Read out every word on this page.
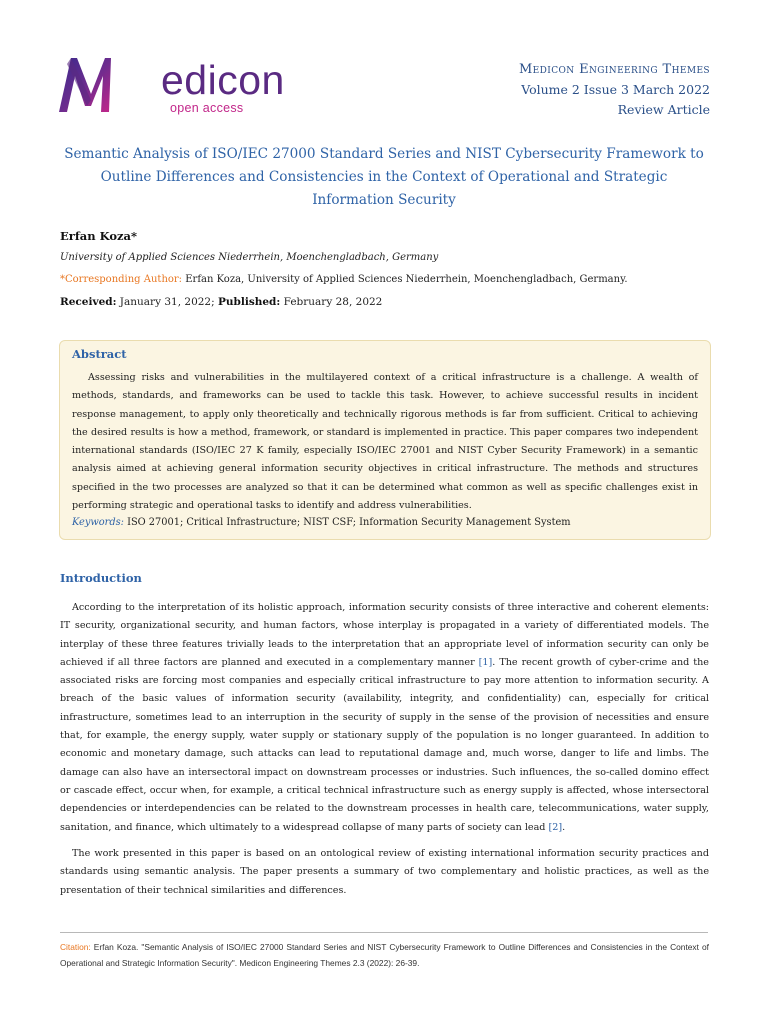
edicon
open access
Medicon Engineering Themes
Volume 2 Issue 3 March 2022
Review Article
Semantic Analysis of ISO/IEC 27000 Standard Series and NIST Cybersecurity Framework to Outline Differences and Consistencies in the Context of Operational and Strategic Information Security
Erfan Koza*
University of Applied Sciences Niederrhein, Moenchengladbach, Germany
*Corresponding Author: Erfan Koza, University of Applied Sciences Niederrhein, Moenchengladbach, Germany.
Received: January 31, 2022; Published: February 28, 2022
Abstract

Assessing risks and vulnerabilities in the multilayered context of a critical infrastructure is a challenge. A wealth of methods, standards, and frameworks can be used to tackle this task. However, to achieve successful results in incident response management, to apply only theoretically and technically rigorous methods is far from sufficient. Critical to achieving the desired results is how a method, framework, or standard is implemented in practice. This paper compares two independent international standards (ISO/IEC 27 K family, especially ISO/IEC 27001 and NIST Cyber Security Framework) in a semantic analysis aimed at achieving general information security objectives in critical infrastructure. The methods and structures specified in the two processes are analyzed so that it can be determined what common as well as specific challenges exist in performing strategic and operational tasks to identify and address vulnerabilities.

Keywords: ISO 27001; Critical Infrastructure; NIST CSF; Information Security Management System
Introduction

According to the interpretation of its holistic approach, information security consists of three interactive and coherent elements: IT security, organizational security, and human factors, whose interplay is propagated in a variety of differentiated models. The interplay of these three features trivially leads to the interpretation that an appropriate level of information security can only be achieved if all three factors are planned and executed in a complementary manner [1]. The recent growth of cyber-crime and the associated risks are forcing most companies and especially critical infrastructure to pay more attention to information security. A breach of the basic values of information security (availability, integrity, and confidentiality) can, especially for critical infrastructure, sometimes lead to an interruption in the security of supply in the sense of the provision of necessities and ensure that, for example, the energy supply, water supply or stationary supply of the population is no longer guaranteed. In addition to economic and monetary damage, such attacks can lead to reputational damage and, much worse, danger to life and limbs. The damage can also have an intersectoral impact on downstream processes or industries. Such influences, the so-called domino effect or cascade effect, occur when, for example, a critical technical infrastructure such as energy supply is affected, whose intersectoral dependencies or interdependencies can be related to the downstream processes in health care, telecommunications, water supply, sanitation, and finance, which ultimately to a widespread collapse of many parts of society can lead [2].

The work presented in this paper is based on an ontological review of existing international information security practices and standards using semantic analysis. The paper presents a summary of two complementary and holistic practices, as well as the presentation of their technical similarities and differences.

Citation: Erfan Koza. "Semantic Analysis of ISO/IEC 27000 Standard Series and NIST Cybersecurity Framework to Outline Differences and Consistencies in the Context of Operational and Strategic Information Security". Medicon Engineering Themes 2.3 (2022): 26-39.
